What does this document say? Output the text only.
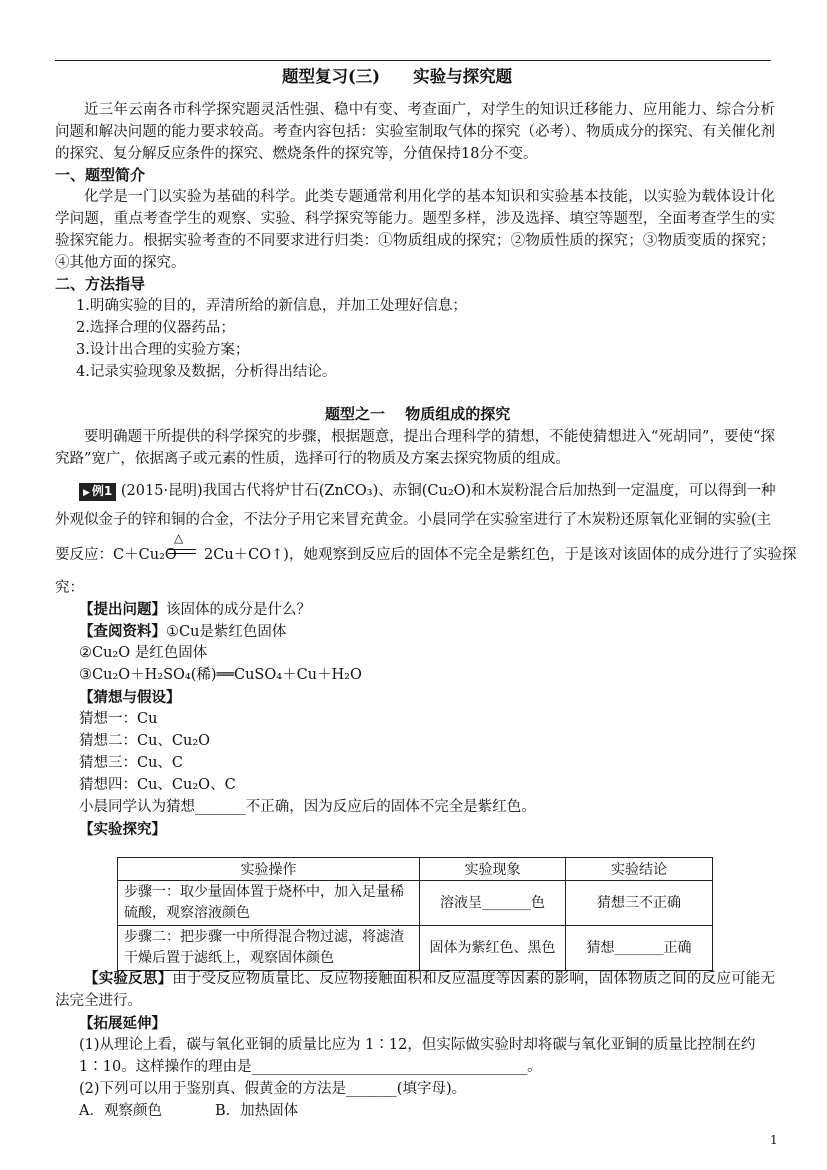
题型复习(三)　　实验与探究题
近三年云南各市科学探究题灵活性强、稳中有变、考查面广，对学生的知识迁移能力、应用能力、综合分析问题和解决问题的能力要求较高。考查内容包括：实验室制取气体的探究（必考）、物质成分的探究、有关催化剂的探究、复分解反应条件的探究、燃烧条件的探究等，分值保持18分不变。
一、题型简介
化学是一门以实验为基础的科学。此类专题通常利用化学的基本知识和实验基本技能，以实验为载体设计化学问题，重点考查学生的观察、实验、科学探究等能力。题型多样，涉及选择、填空等题型，全面考查学生的实验探究能力。根据实验考查的不同要求进行归类：①物质组成的探究；②物质性质的探究；③物质变质的探究；④其他方面的探究。
二、方法指导
1.明确实验的目的，弄清所给的新信息，并加工处理好信息；
2.选择合理的仪器药品；
3.设计出合理的实验方案；
4.记录实验现象及数据，分析得出结论。
题型之一　 物质组成的探究
要明确题干所提供的科学探究的步骤，根据题意，提出合理科学的猜想，不能使猜想进入“死胡同”，要使“探究路”宽广，依据离子或元素的性质，选择可行的物质及方案去探究物质的组成。
▶ 例1 (2015·昆明)我国古代将炉甘石(ZnCO₃)、赤铜(Cu₂O)和木炭粉混合后加热到一定温度，可以得到一种
外观似金子的锌和铜的合金，不法分子用它来冒充黄金。小晨同学在实验室进行了木炭粉还原氧化亚铜的实验(主
要反应：C＋Cu₂O
△
2Cu＋CO↑)，她观察到反应后的固体不完全是紫红色，于是该对该固体的成分进行了实验探
究：
【提出问题】该固体的成分是什么？
【查阅资料】①Cu是紫红色固体
②Cu₂O 是红色固体
③Cu₂O＋H₂SO₄(稀)══CuSO₄＋Cu＋H₂O
【猜想与假设】
猜想一：Cu
猜想二：Cu、Cu₂O
猜想三：Cu、C
猜想四：Cu、Cu₂O、C
小晨同学认为猜想_______不正确，因为反应后的固体不完全是紫红色。
【实验探究】
实验操作	实验现象	实验结论
步骤一：取少量固体置于烧杯中，加入足量稀硫酸，观察溶液颜色	溶液呈_______色	猜想三不正确
步骤二：把步骤一中所得混合物过滤，将滤渣干燥后置于滤纸上，观察固体颜色	固体为紫红色、黑色	猜想_______正确
【实验反思】由于受反应物质量比、反应物接触面积和反应温度等因素的影响，固体物质之间的反应可能无法完全进行。
【拓展延伸】
(1)从理论上看，碳与氧化亚铜的质量比应为 1∶12，但实际做实验时却将碳与氧化亚铜的质量比控制在约
1∶10。这样操作的理由是______________________________________。
(2)下列可以用于鉴别真、假黄金的方法是_______(填字母)。
A．观察颜色	B．加热固体
1
